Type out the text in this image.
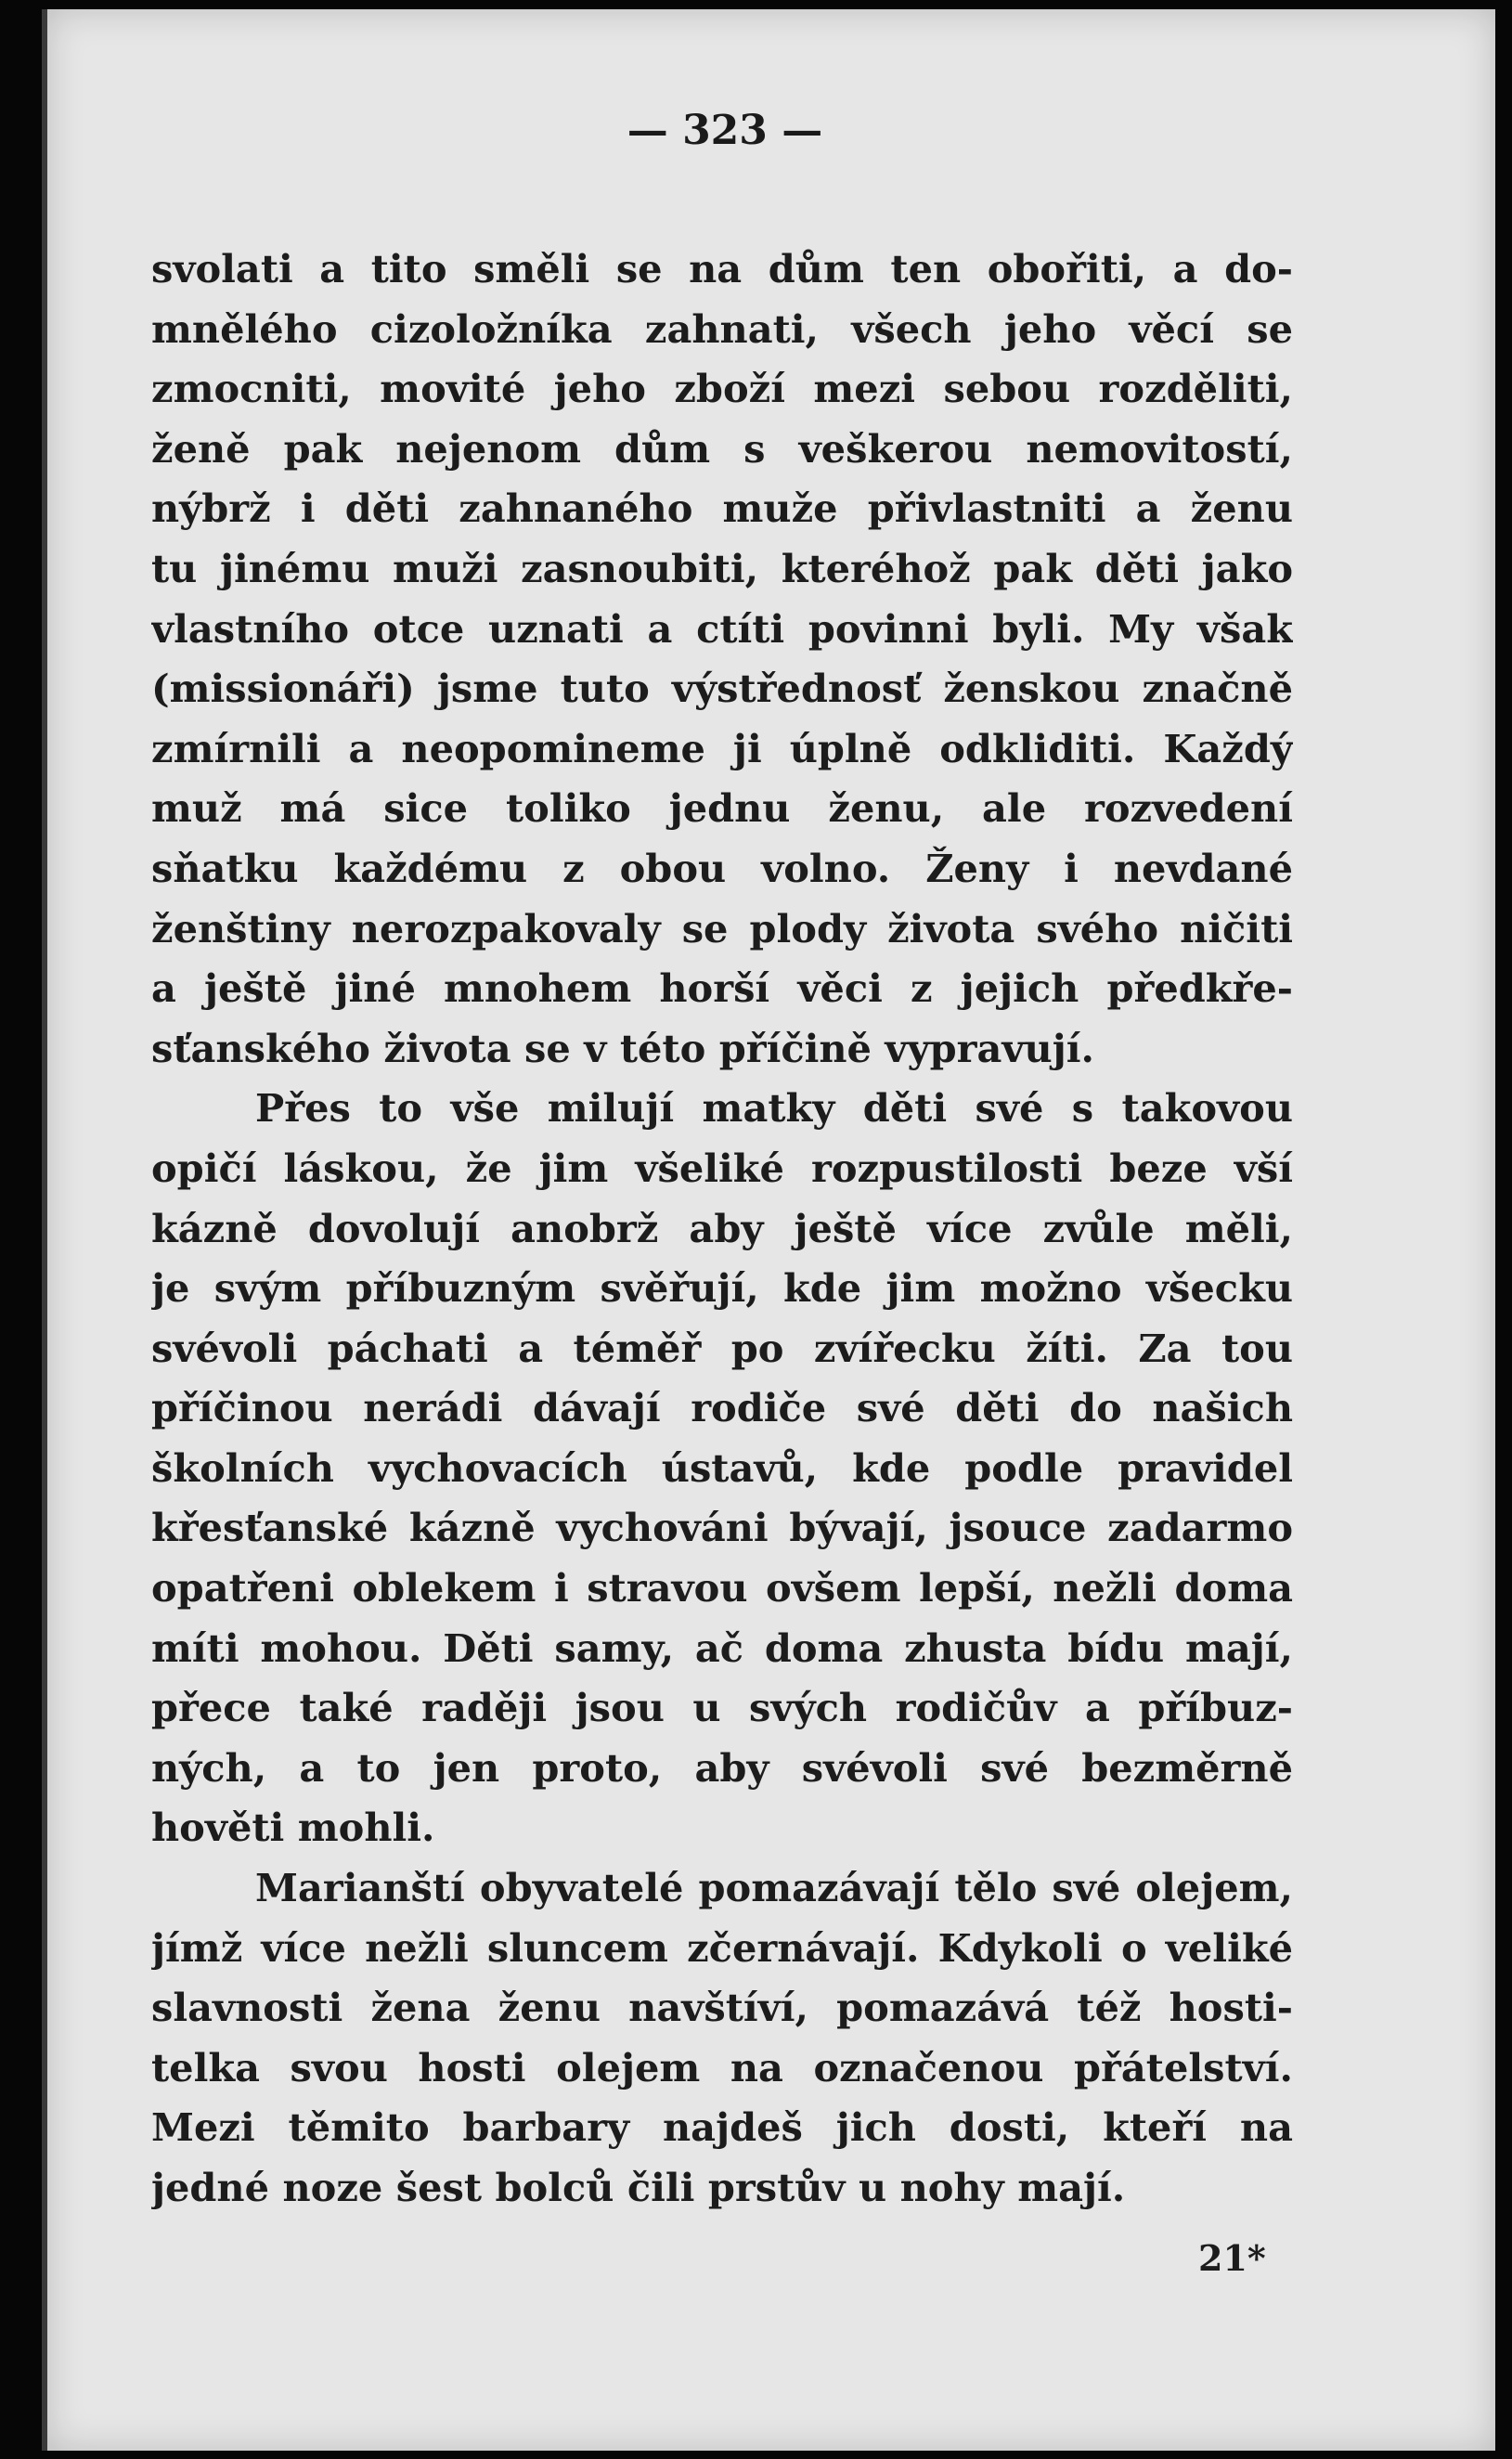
— 323 —
svolati a tito směli se na dům ten obořiti, a do-
mnělého cizoložníka zahnati, všech jeho věcí se
zmocniti, movité jeho zboží mezi sebou rozděliti,
ženě pak nejenom dům s veškerou nemovitostí,
nýbrž i děti zahnaného muže přivlastniti a ženu
tu jinému muži zasnoubiti, kteréhož pak děti jako
vlastního otce uznati a ctíti povinni byli. My však
(missionáři) jsme tuto výstřednosť ženskou značně
zmírnili a neopomineme ji úplně odkliditi. Každý
muž má sice toliko jednu ženu, ale rozvedení
sňatku každému z obou volno. Ženy i nevdané
ženštiny nerozpakovaly se plody života svého ničiti
a ještě jiné mnohem horší věci z jejich předkře-
sťanského života se v této příčině vypravují.
Přes to vše milují matky děti své s takovou
opičí láskou, že jim všeliké rozpustilosti beze vší
kázně dovolují anobrž aby ještě více zvůle měli,
je svým příbuzným svěřují, kde jim možno všecku
svévoli páchati a téměř po zvířecku žíti. Za tou
příčinou nerádi dávají rodiče své děti do našich
školních vychovacích ústavů, kde podle pravidel
křesťanské kázně vychováni bývají, jsouce zadarmo
opatřeni oblekem i stravou ovšem lepší, nežli doma
míti mohou. Děti samy, ač doma zhusta bídu mají,
přece také raději jsou u svých rodičův a příbuz-
ných, a to jen proto, aby svévoli své bezměrně
hověti mohli.
Marianští obyvatelé pomazávají tělo své olejem,
jímž více nežli sluncem zčernávají. Kdykoli o veliké
slavnosti žena ženu navštíví, pomazává též hosti-
telka svou hosti olejem na označenou přátelství.
Mezi těmito barbary najdeš jich dosti, kteří na
jedné noze šest bolců čili prstův u nohy mají.
21*
